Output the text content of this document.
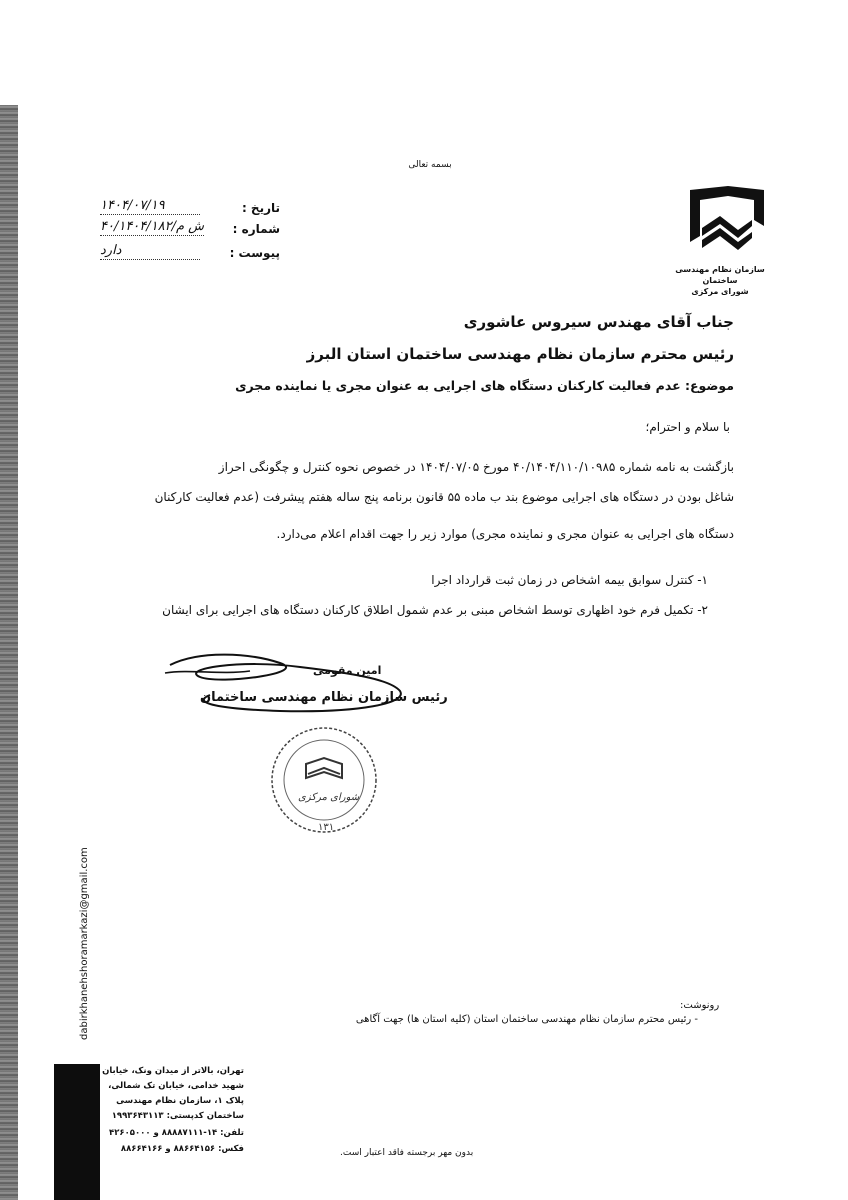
بسمه تعالی
سازمان نظام مهندسی ساختمان
شورای مرکزی
۱۴۰۴/۰۷/۱۹	تاریخ :
۴۰/۱۴۰۴/۱۸۲/ش م شماره :
دارد	پیوست :
جناب آقای مهندس سیروس عاشوری
رئیس محترم سازمان نظام مهندسی ساختمان استان البرز
موضوع: عدم فعالیت کارکنان دستگاه های اجرایی به عنوان مجری یا نماینده مجری
با سلام و احترام؛
بازگشت به نامه شماره ۴۰/۱۴۰۴/۱۱۰/۱۰۹۸۵ مورخ ۱۴۰۴/۰۷/۰۵ در خصوص نحوه کنترل و چگونگی احراز
شاغل بودن در دستگاه های اجرایی موضوع بند ب ماده ۵۵ قانون برنامه پنج ساله هفتم پیشرفت (عدم فعالیت کارکنان
دستگاه های اجرایی به عنوان مجری و نماینده مجری) موارد زیر را جهت اقدام اعلام می‌دارد.
۱- کنترل سوابق بیمه اشخاص در زمان ثبت قرارداد اجرا
۲- تکمیل فرم خود اظهاری توسط اشخاص مبنی بر عدم شمول اطلاق کارکنان دستگاه های اجرایی برای ایشان
امین مقومی
رئیس سازمان نظام مهندسی ساختمان
شورای مرکزی
۱۳۱
dabirkhanehshoramarkazi@gmail.com	رونوشت:
- رئیس محترم سازمان نظام مهندسی ساختمان استان (کلیه استان ها) جهت آگاهی
تهران، بالاتر از میدان ونک، خیابان
شهید خدامی، خیابان تک شمالی،
پلاک ۱، سازمان نظام مهندسی
ساختمان کدپستی: ۱۹۹۳۶۴۳۱۱۳
تلفن: ۱۴-۸۸۸۸۷۱۱۱ و ۴۲۶۰۵۰۰۰
فکس: ۸۸۶۶۴۱۵۶ و ۸۸۶۶۴۱۶۶	بدون مهر برجسته فاقد اعتبار است.
